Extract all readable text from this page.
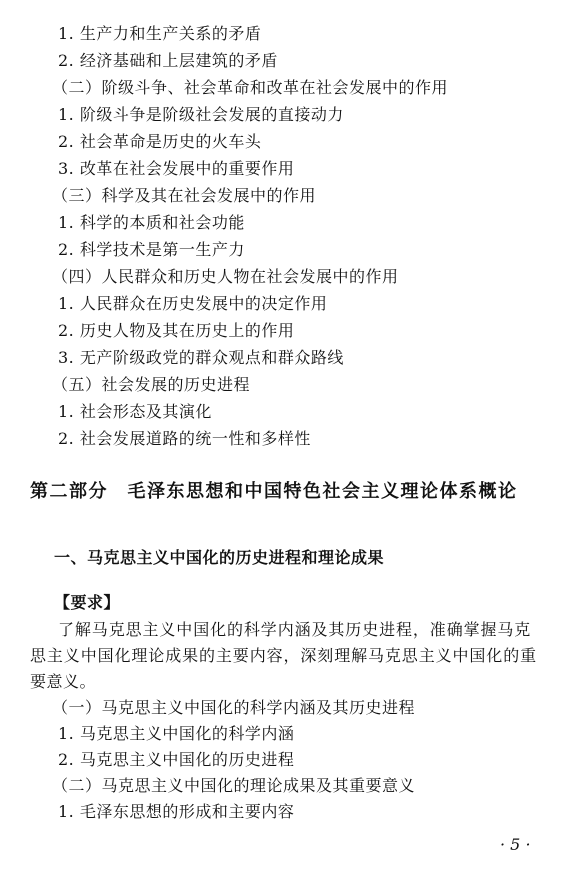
1. 生产力和生产关系的矛盾
2. 经济基础和上层建筑的矛盾
（二）阶级斗争、社会革命和改革在社会发展中的作用
1. 阶级斗争是阶级社会发展的直接动力
2. 社会革命是历史的火车头
3. 改革在社会发展中的重要作用
（三）科学及其在社会发展中的作用
1. 科学的本质和社会功能
2. 科学技术是第一生产力
（四）人民群众和历史人物在社会发展中的作用
1. 人民群众在历史发展中的决定作用
2. 历史人物及其在历史上的作用
3. 无产阶级政党的群众观点和群众路线
（五）社会发展的历史进程
1. 社会形态及其演化
2. 社会发展道路的统一性和多样性
第二部分　毛泽东思想和中国特色社会主义理论体系概论
一、马克思主义中国化的历史进程和理论成果
【要求】
了解马克思主义中国化的科学内涵及其历史进程，准确掌握马克
思主义中国化理论成果的主要内容，深刻理解马克思主义中国化的重
要意义。
（一）马克思主义中国化的科学内涵及其历史进程
1. 马克思主义中国化的科学内涵
2. 马克思主义中国化的历史进程
（二）马克思主义中国化的理论成果及其重要意义
1. 毛泽东思想的形成和主要内容
· 5 ·
